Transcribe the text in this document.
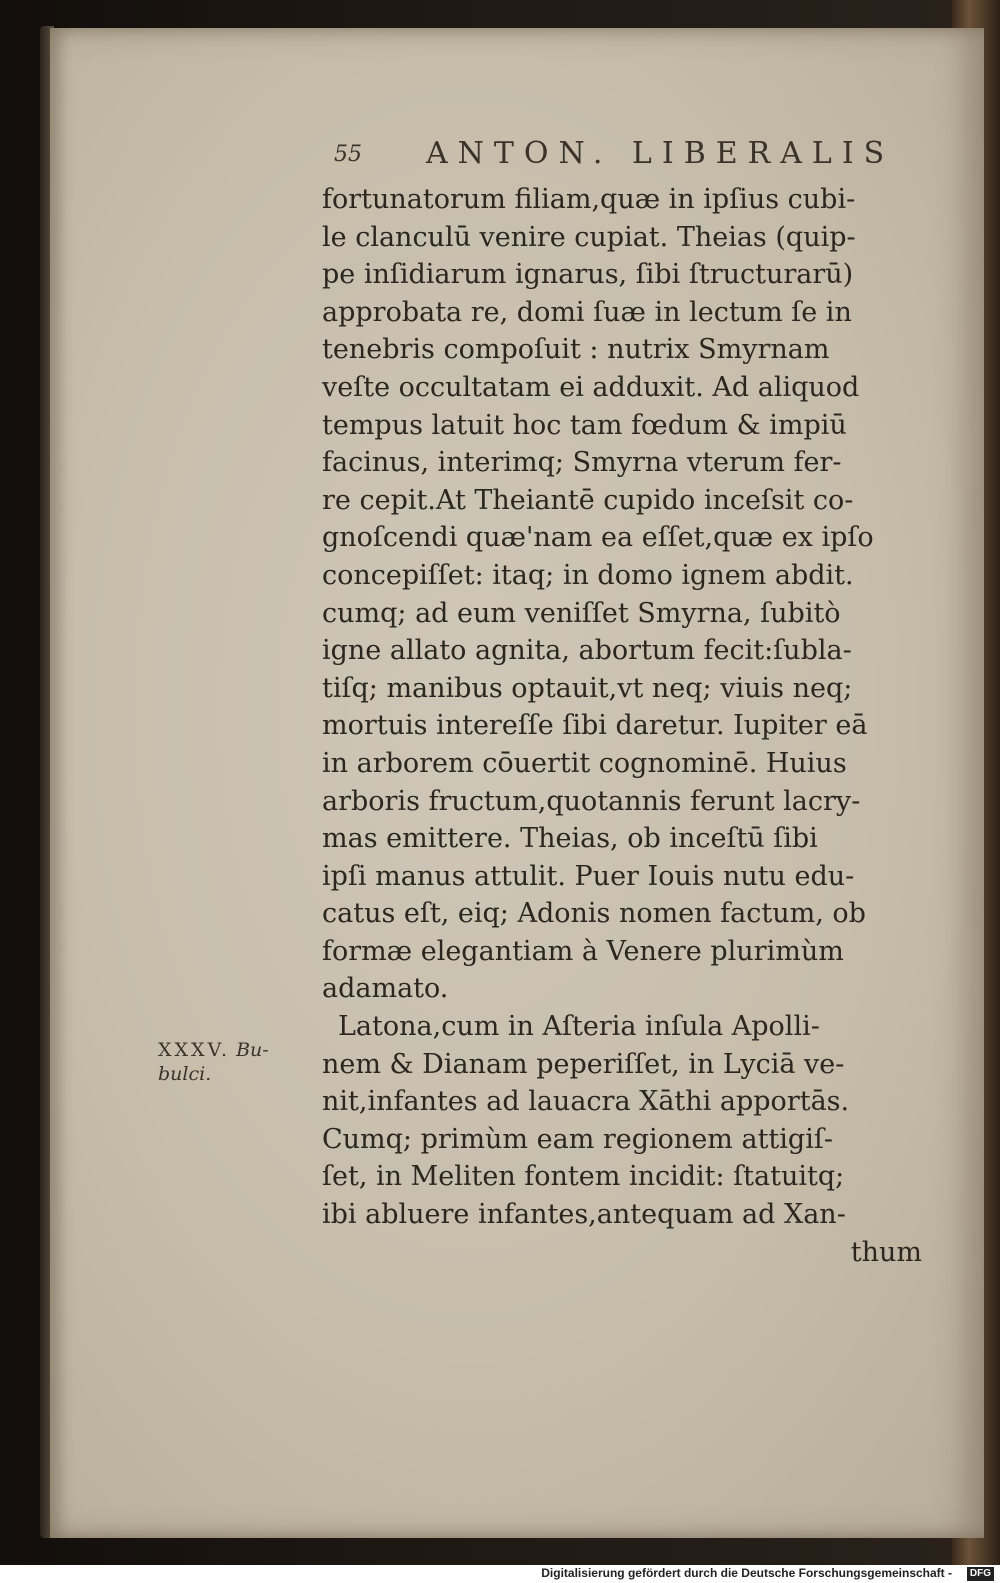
55 ANTON. LIBERALIS
XXXV. Bu-
bulci.
fortunatorum filiam,quæ in ipſius cubi-
le clanculū venire cupiat. Theias (quip-
pe inſidiarum ignarus, ſibi ſtructurarū)
approbata re, domi ſuæ in lectum ſe in
tenebris compoſuit : nutrix Smyrnam
veſte occultatam ei adduxit. Ad aliquod
tempus latuit hoc tam fœdum & impiū
facinus, interimq; Smyrna vterum fer-
re cepit.At Theiantē cupido inceſsit co-
gnoſcendi quæ'nam ea eſſet,quæ ex ipſo
concepiſſet: itaq; in domo ignem abdit.
cumq; ad eum veniſſet Smyrna, ſubitò
igne allato agnita, abortum fecit:ſubla-
tiſq; manibus optauit,vt neq; viuis neq;
mortuis intereſſe ſibi daretur. Iupiter eā
in arborem cōuertit cognominē. Huius
arboris fructum,quotannis ferunt lacry-
mas emittere. Theias, ob inceſtū ſibi
ipſi manus attulit. Puer Iouis nutu edu-
catus eſt, eiq; Adonis nomen factum, ob
formæ elegantiam à Venere plurimùm
adamato.
Latona,cum in Aſteria inſula Apolli-
nem & Dianam peperiſſet, in Lyciā ve-
nit,infantes ad lauacra Xāthi apportās.
Cumq; primùm eam regionem attigiſ-
ſet, in Meliten fontem incidit: ſtatuitq;
ibi abluere infantes,antequam ad Xan-
thum
Digitalisierung gefördert durch die Deutsche Forschungsgemeinschaft -	DFG
